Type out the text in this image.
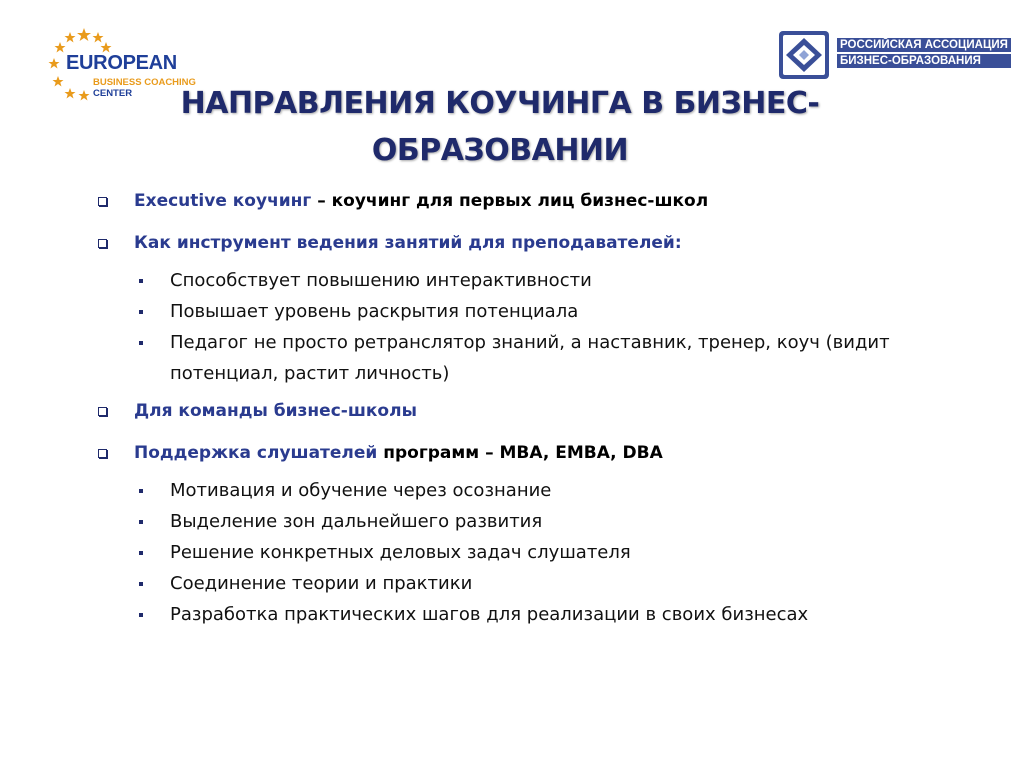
EUROPEAN
BUSINESS COACHING
CENTER
РОССИЙСКАЯ АССОЦИАЦИЯ
БИЗНЕС-ОБРАЗОВАНИЯ
НАПРАВЛЕНИЯ КОУЧИНГА В БИЗНЕС-
ОБРАЗОВАНИИ
Executive коучинг – коучинг для первых лиц бизнес-школ
Как инструмент ведения занятий для преподавателей:
Способствует повышению интерактивности
Повышает уровень раскрытия потенциала
Педагог не просто ретранслятор знаний, а наставник, тренер, коуч (видит
потенциал, растит личность)
Для команды бизнес-школы
Поддержка слушателей программ – MBA, EMBA, DBA
Мотивация и обучение через осознание
Выделение зон дальнейшего развития
Решение конкретных деловых задач слушателя
Соединение теории и практики
Разработка практических шагов для реализации в своих бизнесах
